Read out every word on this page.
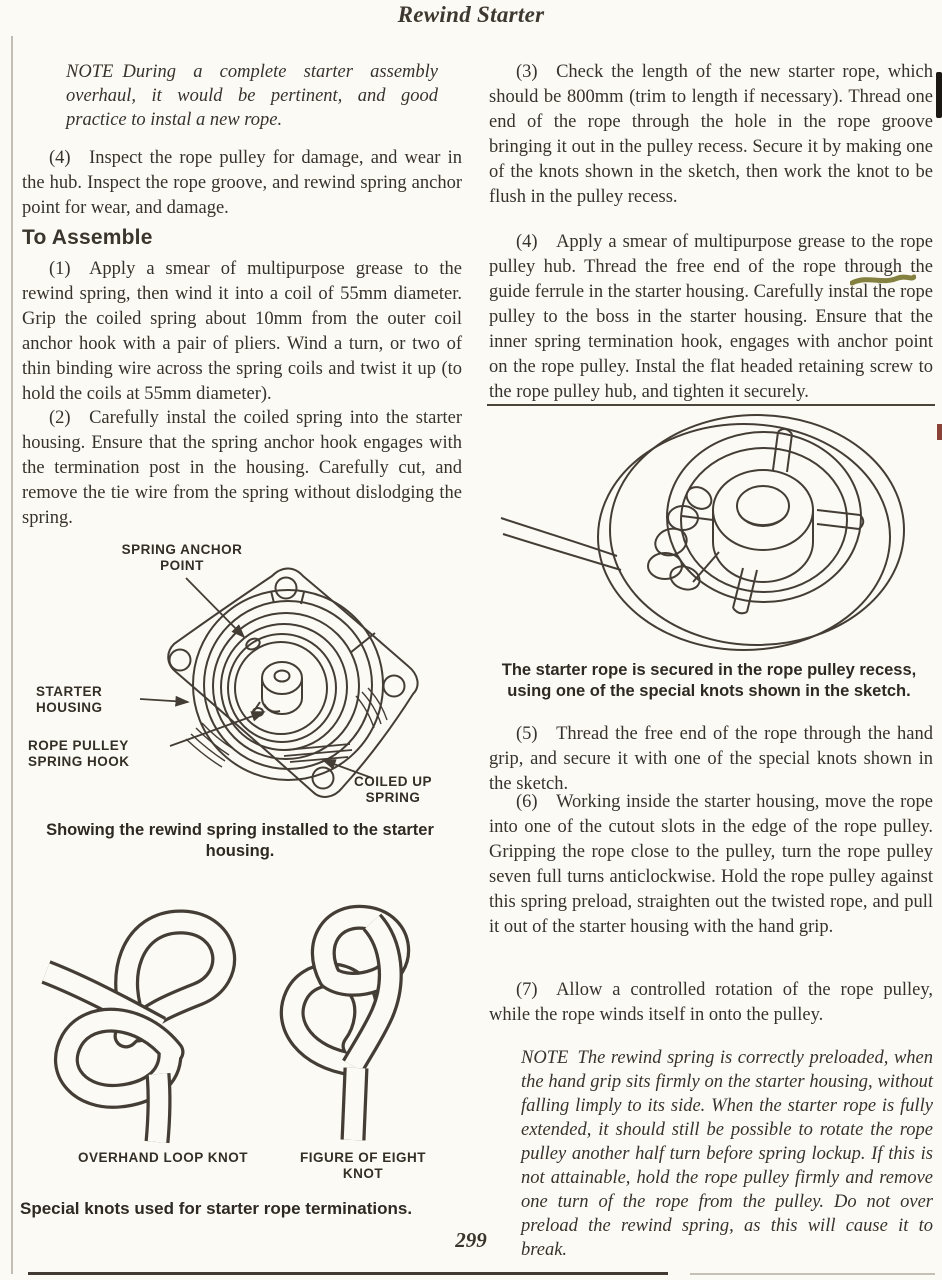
Rewind Starter
NOTE During a complete starter assembly overhaul, it would be pertinent, and good practice to instal a new rope.
(4)  Inspect the rope pulley for damage, and wear in the hub. Inspect the rope groove, and rewind spring anchor point for wear, and damage.
To Assemble
(1)  Apply a smear of multipurpose grease to the rewind spring, then wind it into a coil of 55mm diameter. Grip the coiled spring about 10mm from the outer coil anchor hook with a pair of pliers. Wind a turn, or two of thin binding wire across the spring coils and twist it up (to hold the coils at 55mm diameter).
(2)  Carefully instal the coiled spring into the starter housing. Ensure that the spring anchor hook engages with the termination post in the housing. Carefully cut, and remove the tie wire from the spring without dislodging the spring.
SPRING ANCHOR POINT
STARTER HOUSING
ROPE PULLEY SPRING HOOK
COILED UP SPRING
Showing the rewind spring installed to the starter housing.
OVERHAND LOOP KNOT	FIGURE OF EIGHT KNOT
Special knots used for starter rope terminations.
(3)  Check the length of the new starter rope, which should be 800mm (trim to length if necessary). Thread one end of the rope through the hole in the rope groove bringing it out in the pulley recess. Secure it by making one of the knots shown in the sketch, then work the knot to be flush in the pulley recess.
(4)  Apply a smear of multipurpose grease to the rope pulley hub. Thread the free end of the rope through the guide ferrule in the starter housing. Carefully instal the rope pulley to the boss in the starter housing. Ensure that the inner spring termination hook, engages with anchor point on the rope pulley. Instal the flat headed retaining screw to the rope pulley hub, and tighten it securely.
The starter rope is secured in the rope pulley recess, using one of the special knots shown in the sketch.
(5)  Thread the free end of the rope through the hand grip, and secure it with one of the special knots shown in the sketch.
(6)  Working inside the starter housing, move the rope into one of the cutout slots in the edge of the rope pulley. Gripping the rope close to the pulley, turn the rope pulley seven full turns anticlockwise. Hold the rope pulley against this spring preload, straighten out the twisted rope, and pull it out of the starter housing with the hand grip.
(7)  Allow a controlled rotation of the rope pulley, while the rope winds itself in onto the pulley.
NOTE The rewind spring is correctly preloaded, when the hand grip sits firmly on the starter housing, without falling limply to its side. When the starter rope is fully extended, it should still be possible to rotate the rope pulley another half turn before spring lockup. If this is not attainable, hold the rope pulley firmly and remove one turn of the rope from the pulley. Do not over preload the rewind spring, as this will cause it to break.
299
